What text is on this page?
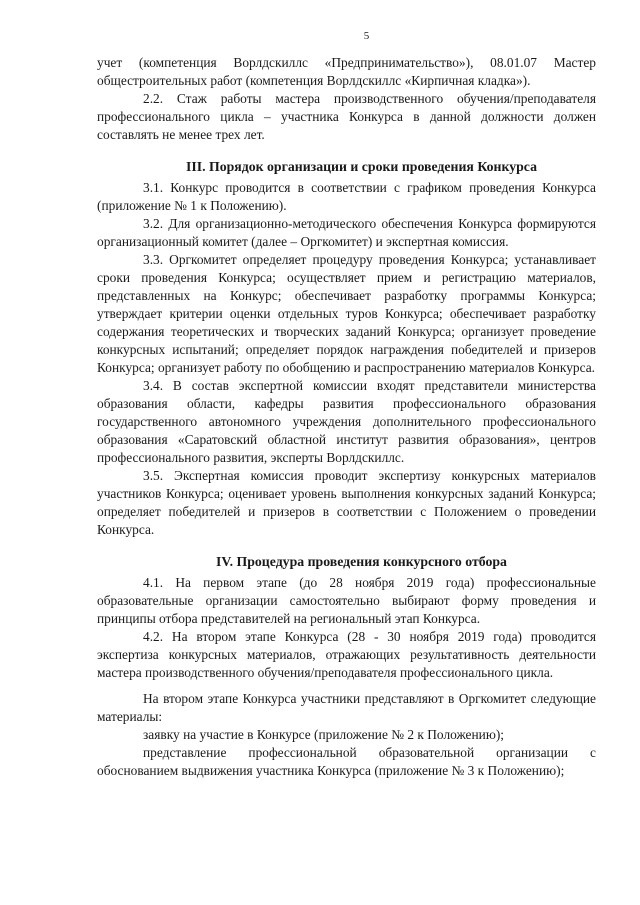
5

учет (компетенция Ворлдскиллс «Предпринимательство»), 08.01.07 Мастер общестроительных работ (компетенция Ворлдскиллс «Кирпичная кладка»).

2.2. Стаж работы мастера производственного обучения/преподавателя профессионального цикла – участника Конкурса в данной должности должен составлять не менее трех лет.

III. Порядок организации и сроки проведения Конкурса

3.1. Конкурс проводится в соответствии с графиком проведения Конкурса (приложение № 1 к Положению).

3.2. Для организационно-методического обеспечения Конкурса формируются организационный комитет (далее – Оргкомитет) и экспертная комиссия.

3.3. Оргкомитет определяет процедуру проведения Конкурса; устанавливает сроки проведения Конкурса; осуществляет прием и регистрацию материалов, представленных на Конкурс; обеспечивает разработку программы Конкурса; утверждает критерии оценки отдельных туров Конкурса; обеспечивает разработку содержания теоретических и творческих заданий Конкурса; организует проведение конкурсных испытаний; определяет порядок награждения победителей и призеров Конкурса; организует работу по обобщению и распространению материалов Конкурса.

3.4. В состав экспертной комиссии входят представители министерства образования области, кафедры развития профессионального образования государственного автономного учреждения дополнительного профессионального образования «Саратовский областной институт развития образования», центров профессионального развития, эксперты Ворлдскиллс.

3.5. Экспертная комиссия проводит экспертизу конкурсных материалов участников Конкурса; оценивает уровень выполнения конкурсных заданий Конкурса; определяет победителей и призеров в соответствии с Положением о проведении Конкурса.

IV. Процедура проведения конкурсного отбора

4.1. На первом этапе (до 28 ноября 2019 года) профессиональные образовательные организации самостоятельно выбирают форму проведения и принципы отбора представителей на региональный этап Конкурса.

4.2. На втором этапе Конкурса (28 - 30 ноября 2019 года) проводится экспертиза конкурсных материалов, отражающих результативность деятельности мастера производственного обучения/преподавателя профессионального цикла.

На втором этапе Конкурса участники представляют в Оргкомитет следующие материалы:

заявку на участие в Конкурсе (приложение № 2 к Положению);

представление профессиональной образовательной организации с обоснованием выдвижения участника Конкурса (приложение № 3 к Положению);
